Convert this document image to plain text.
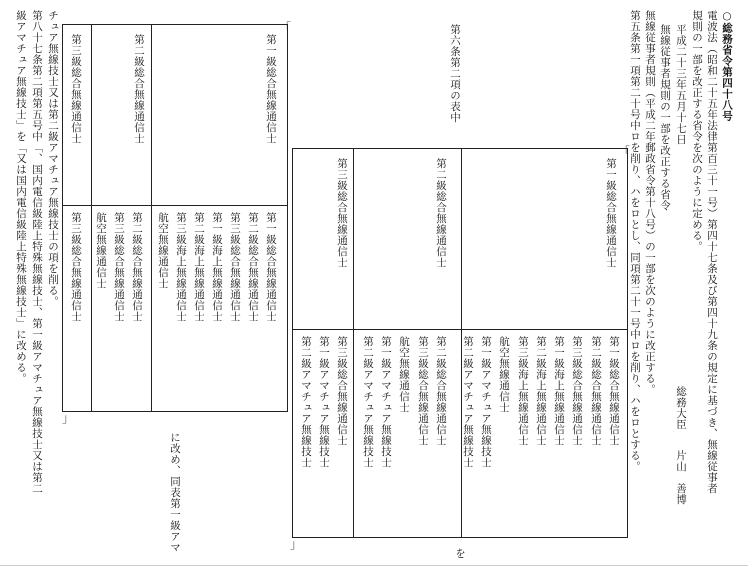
○総務省令第四十八号
電波法（昭和二十五年法律第百三十一号）第四十七条及び第四十九条の規定に基づき、無線従事者
規則の一部を改正する省令を次のように定める。
平成二十三年五月十七日
総務大臣
片山　善博
無線従事者規則の一部を改正する省令
無線従事者規則（平成二年郵政省令第十八号）の一部を次のように改正する。
第五条第一項第二十号中ロを削り、ハをロとし、同項第二十一号中ロを削り、ハをロとする。
第六条第二項の表中
「
第一級総合無線通信士
第一級総合無線通信士
第二級総合無線通信士
第三級総合無線通信士
第一級海上無線通信士
第二級海上無線通信士
第三級海上無線通信士
航空無線通信士
第一級アマチュア無線技士
第二級アマチュア無線技士
第二級総合無線通信士
第二級総合無線通信士
第三級総合無線通信士
航空無線通信士
第一級アマチュア無線技士
第二級アマチュア無線技士
第三級総合無線通信士
第三級総合無線通信士
第一級アマチュア無線技士
第二級アマチュア無線技士
」
を
に改め、同表第一級アマ
「
第一級総合無線通信士
第一級総合無線通信士
第二級総合無線通信士
第三級総合無線通信士
第一級海上無線通信士
第二級海上無線通信士
第三級海上無線通信士
航空無線通信士
第二級総合無線通信士
第二級総合無線通信士
第三級総合無線通信士
航空無線通信士
第三級総合無線通信士
第三級総合無線通信士
」
チュア無線技士又は第二級アマチュア無線技士の項を削る。
第八十七条第二項第五号中「、国内電信級陸上特殊無線技士、第一級アマチュア無線技士又は第二
級アマチュア無線技士」を「又は国内電信級陸上特殊無線技士」に改める。
